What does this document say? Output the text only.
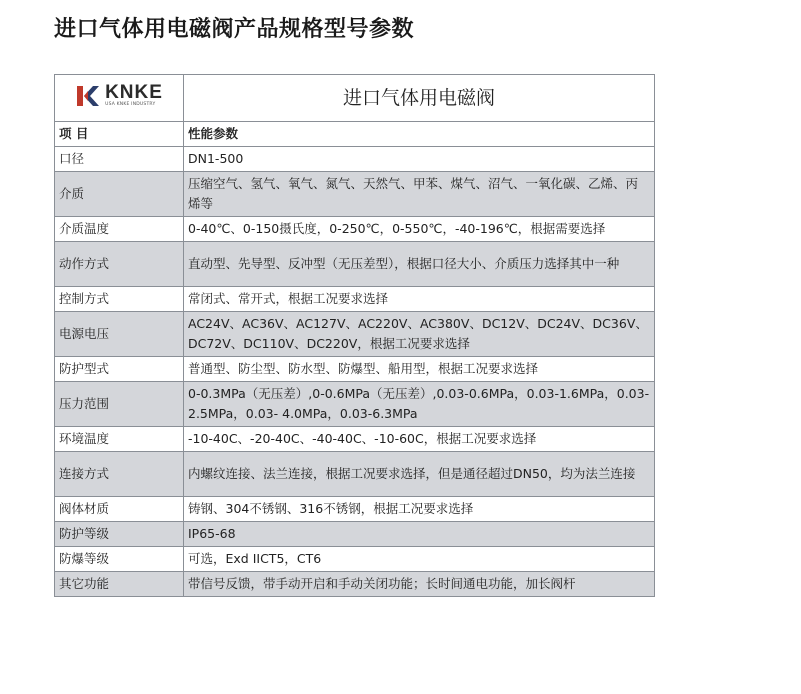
进口气体用电磁阀产品规格型号参数
KNKE
USA KNKE INDUSTRY	进口气体用电磁阀
项 目	性能参数
口径	DN1-500
介质	压缩空气、氢气、氧气、氮气、天然气、甲苯、煤气、沼气、一氧化碳、乙烯、丙烯等
介质温度	0-40℃、0-150摄氏度，0-250℃，0-550℃，-40-196℃，根据需要选择
动作方式	直动型、先导型、反冲型（无压差型），根据口径大小、介质压力选择其中一种
控制方式	常闭式、常开式，根据工况要求选择
电源电压	AC24V、AC36V、AC127V、AC220V、AC380V、DC12V、DC24V、DC36V、DC72V、DC110V、DC220V，根据工况要求选择
防护型式	普通型、防尘型、防水型、防爆型、船用型，根据工况要求选择
压力范围	0-0.3MPa（无压差）,0-0.6MPa（无压差）,0.03-0.6MPa，0.03-1.6MPa，0.03-2.5MPa，0.03- 4.0MPa，0.03-6.3MPa
环境温度	-10-40C、-20-40C、-40-40C、-10-60C，根据工况要求选择
连接方式	内螺纹连接、法兰连接，根据工况要求选择，但是通径超过DN50，均为法兰连接
阀体材质	铸钢、304不锈钢、316不锈钢，根据工况要求选择
防护等级	IP65-68
防爆等级	可选，Exd IICT5，CT6
其它功能	带信号反馈，带手动开启和手动关闭功能；长时间通电功能，加长阀杆
